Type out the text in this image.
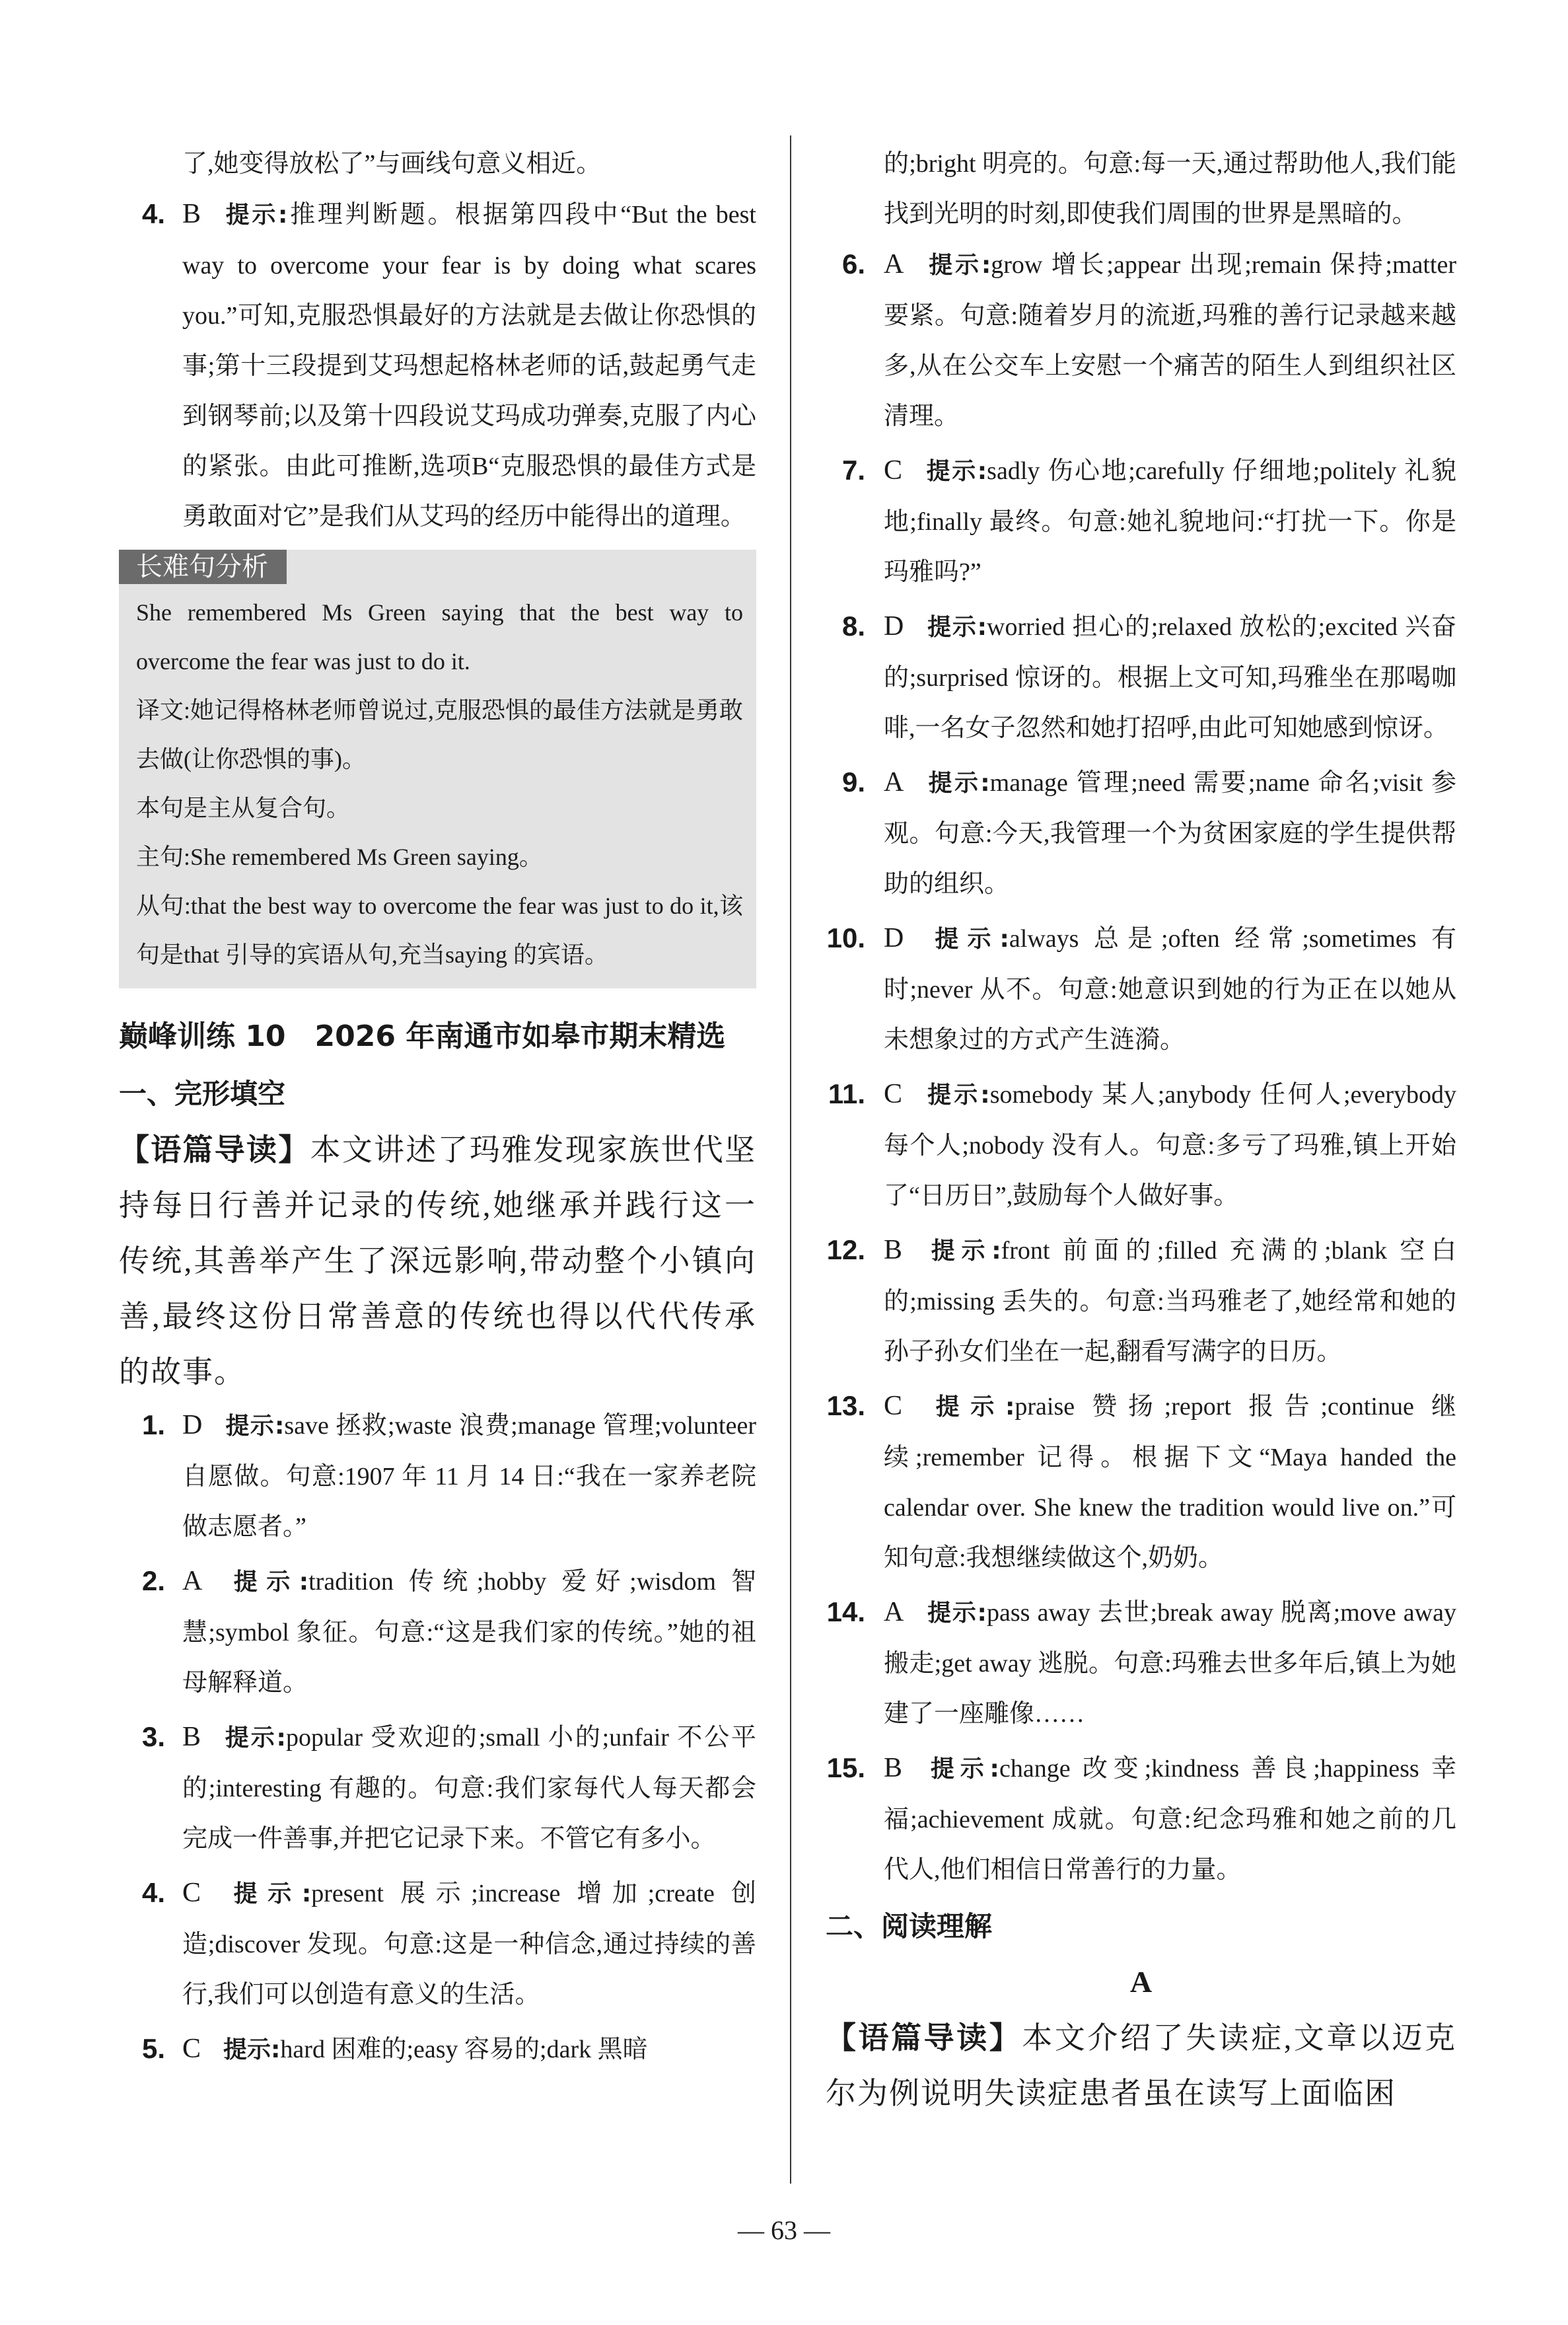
了,她变得放松了”与画线句意义相近。
4. B 提示:推理判断题。根据第四段中“But the best way to overcome your fear is by doing what scares you.”可知,克服恐惧最好的方法就是去做让你恐惧的事;第十三段提到艾玛想起格林老师的话,鼓起勇气走到钢琴前;以及第十四段说艾玛成功弹奏,克服了内心的紧张。由此可推断,选项B“克服恐惧的最佳方式是勇敢面对它”是我们从艾玛的经历中能得出的道理。
长难句分析
She remembered Ms Green saying that the best way to overcome the fear was just to do it.
译文:她记得格林老师曾说过,克服恐惧的最佳方法就是勇敢去做(让你恐惧的事)。
本句是主从复合句。
主句:She remembered Ms Green saying。
从句:that the best way to overcome the fear was just to do it,该句是that 引导的宾语从句,充当saying 的宾语。
巅峰训练 10　2026 年南通市如皋市期末精选
一、完形填空
【语篇导读】本文讲述了玛雅发现家族世代坚持每日行善并记录的传统,她继承并践行这一传统,其善举产生了深远影响,带动整个小镇向善,最终这份日常善意的传统也得以代代传承的故事。
1. D 提示:save 拯救;waste 浪费;manage 管理;volunteer 自愿做。句意:1907 年 11 月 14 日:“我在一家养老院做志愿者。”
2. A 提示:tradition 传统;hobby 爱好;wisdom 智慧;symbol 象征。句意:“这是我们家的传统。”她的祖母解释道。
3. B 提示:popular 受欢迎的;small 小的;unfair 不公平的;interesting 有趣的。句意:我们家每代人每天都会完成一件善事,并把它记录下来。不管它有多小。
4. C 提示:present 展示;increase 增加;create 创造;discover 发现。句意:这是一种信念,通过持续的善行,我们可以创造有意义的生活。
5. C 提示:hard 困难的;easy 容易的;dark 黑暗
的;bright 明亮的。句意:每一天,通过帮助他人,我们能找到光明的时刻,即使我们周围的世界是黑暗的。
6. A 提示:grow 增长;appear 出现;remain 保持;matter 要紧。句意:随着岁月的流逝,玛雅的善行记录越来越多,从在公交车上安慰一个痛苦的陌生人到组织社区清理。
7. C 提示:sadly 伤心地;carefully 仔细地;politely 礼貌地;finally 最终。句意:她礼貌地问:“打扰一下。你是玛雅吗?”
8. D 提示:worried 担心的;relaxed 放松的;excited 兴奋的;surprised 惊讶的。根据上文可知,玛雅坐在那喝咖啡,一名女子忽然和她打招呼,由此可知她感到惊讶。
9. A 提示:manage 管理;need 需要;name 命名;visit 参观。句意:今天,我管理一个为贫困家庭的学生提供帮助的组织。
10. D 提示:always 总是;often 经常;sometimes 有时;never 从不。句意:她意识到她的行为正在以她从未想象过的方式产生涟漪。
11. C 提示:somebody 某人;anybody 任何人;everybody 每个人;nobody 没有人。句意:多亏了玛雅,镇上开始了“日历日”,鼓励每个人做好事。
12. B 提示:front 前面的;filled 充满的;blank 空白的;missing 丢失的。句意:当玛雅老了,她经常和她的孙子孙女们坐在一起,翻看写满字的日历。
13. C 提示:praise 赞扬;report 报告;continue 继续;remember 记得。根据下文“Maya handed the calendar over. She knew the tradition would live on.”可知句意:我想继续做这个,奶奶。
14. A 提示:pass away 去世;break away 脱离;move away 搬走;get away 逃脱。句意:玛雅去世多年后,镇上为她建了一座雕像……
15. B 提示:change 改变;kindness 善良;happiness 幸福;achievement 成就。句意:纪念玛雅和她之前的几代人,他们相信日常善行的力量。
二、阅读理解
A
【语篇导读】本文介绍了失读症,文章以迈克尔为例说明失读症患者虽在读写上面临困
— 63 —
